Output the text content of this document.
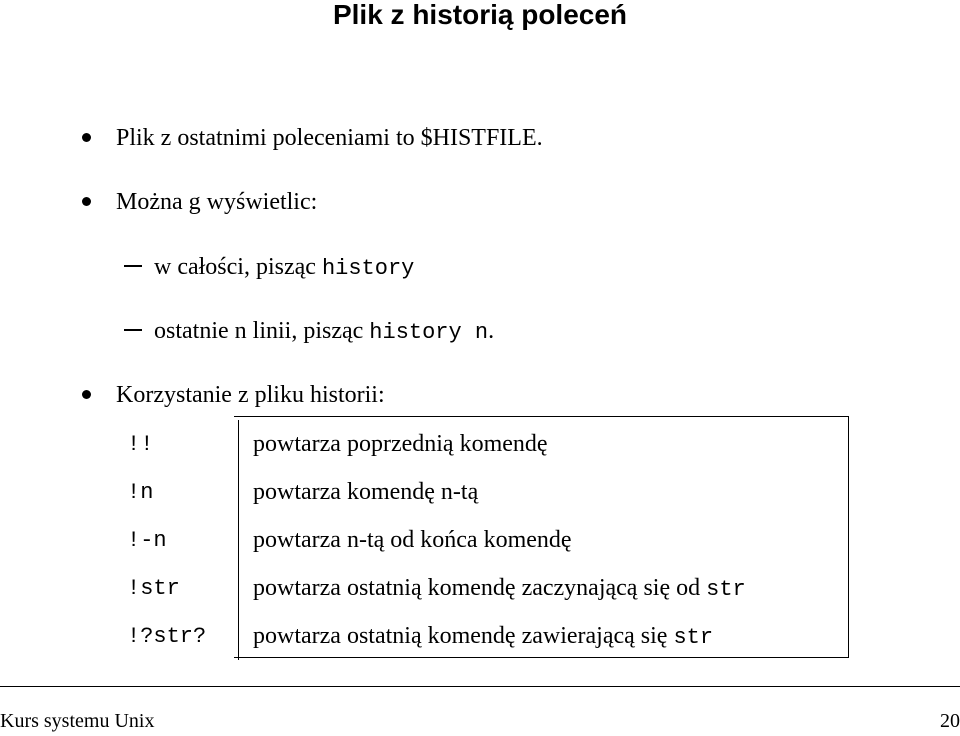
Plik z historią poleceń
Plik z ostatnimi poleceniami to $HISTFILE.
Można g wyświetlic:
w całości, pisząc history
ostatnie n linii, pisząc history n.
Korzystanie z pliku historii:
!!	powtarza poprzednią komendę
!n	powtarza komendę n-tą
!-n	powtarza n-tą od końca komendę
!str	powtarza ostatnią komendę zaczynającą się od str
!?str?	powtarza ostatnią komendę zawierającą się str
Kurs systemu Unix	20
